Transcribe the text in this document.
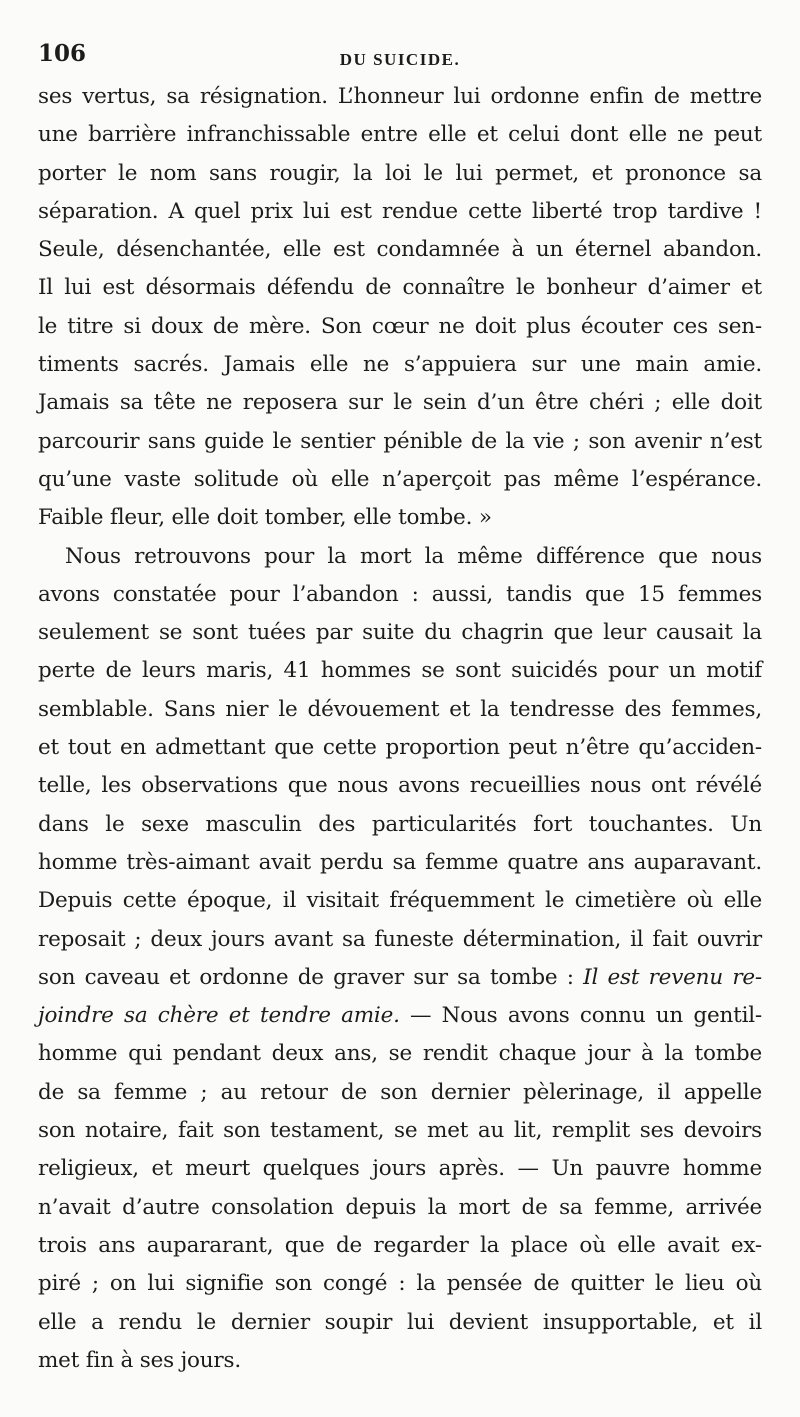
106	DU SUICIDE.
ses vertus, sa résignation. L’honneur lui ordonne enfin de mettre
une barrière infranchissable entre elle et celui dont elle ne peut
porter le nom sans rougir, la loi le lui permet, et prononce sa
séparation. A quel prix lui est rendue cette liberté trop tardive !
Seule, désenchantée, elle est condamnée à un éternel abandon.
Il lui est désormais défendu de connaître le bonheur d’aimer et
le titre si doux de mère. Son cœur ne doit plus écouter ces sen-
timents sacrés. Jamais elle ne s’appuiera sur une main amie.
Jamais sa tête ne reposera sur le sein d’un être chéri ; elle doit
parcourir sans guide le sentier pénible de la vie ; son avenir n’est
qu’une vaste solitude où elle n’aperçoit pas même l’espérance.
Faible fleur, elle doit tomber, elle tombe. »
Nous retrouvons pour la mort la même différence que nous
avons constatée pour l’abandon : aussi, tandis que 15 femmes
seulement se sont tuées par suite du chagrin que leur causait la
perte de leurs maris, 41 hommes se sont suicidés pour un motif
semblable. Sans nier le dévouement et la tendresse des femmes,
et tout en admettant que cette proportion peut n’être qu’acciden-
telle, les observations que nous avons recueillies nous ont révélé
dans le sexe masculin des particularités fort touchantes. Un
homme très-aimant avait perdu sa femme quatre ans auparavant.
Depuis cette époque, il visitait fréquemment le cimetière où elle
reposait ; deux jours avant sa funeste détermination, il fait ouvrir
son caveau et ordonne de graver sur sa tombe : Il est revenu re-
joindre sa chère et tendre amie. — Nous avons connu un gentil-
homme qui pendant deux ans, se rendit chaque jour à la tombe
de sa femme ; au retour de son dernier pèlerinage, il appelle
son notaire, fait son testament, se met au lit, remplit ses devoirs
religieux, et meurt quelques jours après. — Un pauvre homme
n’avait d’autre consolation depuis la mort de sa femme, arrivée
trois ans aupararant, que de regarder la place où elle avait ex-
piré ; on lui signifie son congé : la pensée de quitter le lieu où
elle a rendu le dernier soupir lui devient insupportable, et il
met fin à ses jours.
